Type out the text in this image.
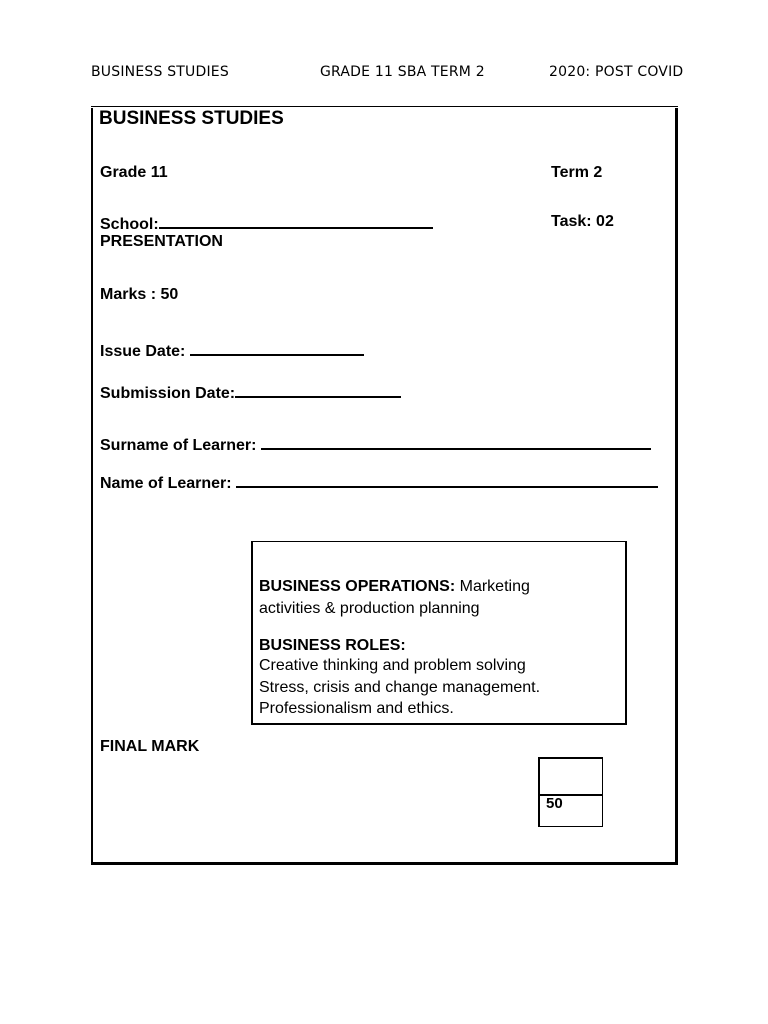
BUSINESS STUDIES	GRADE 11 SBA TERM 2	2020: POST COVID
BUSINESS STUDIES
Grade 11	Term 2
School:	Task: 02
PRESENTATION
Marks : 50
Issue Date:
Submission Date:
Surname of Learner:
Name of Learner:
BUSINESS OPERATIONS: Marketing
activities & production planning
BUSINESS ROLES:
Creative thinking and problem solving
Stress, crisis and change management.
Professionalism and ethics.
FINAL MARK
50
